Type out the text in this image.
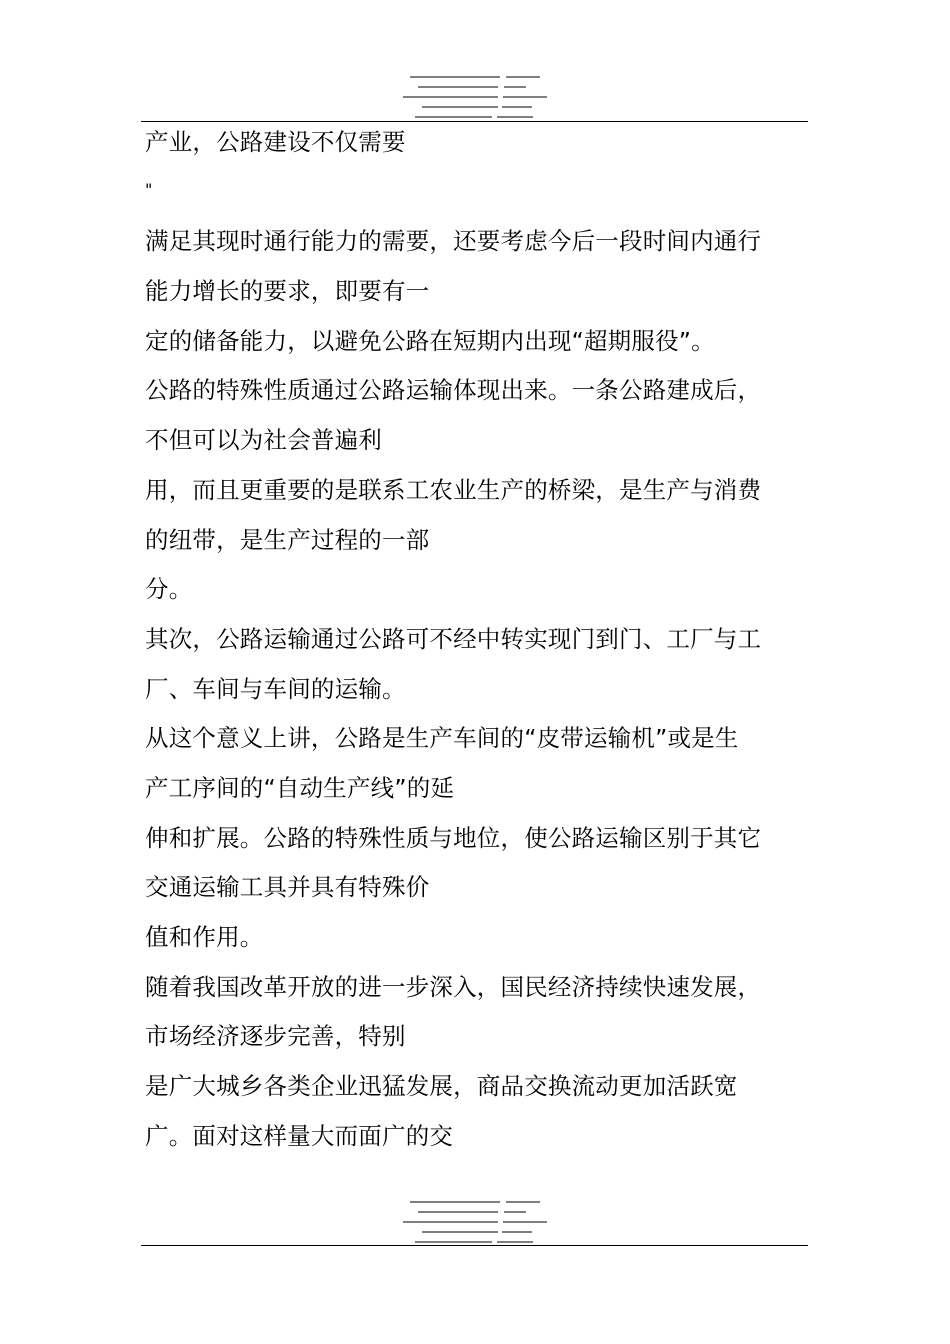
产业，公路建设不仅需要
"
满足其现时通行能力的需要，还要考虑今后一段时间内通行
能力增长的要求，即要有一
定的储备能力，以避免公路在短期内出现“超期服役”。
公路的特殊性质通过公路运输体现出来。一条公路建成后，
不但可以为社会普遍利
用，而且更重要的是联系工农业生产的桥梁，是生产与消费
的纽带，是生产过程的一部
分。
其次，公路运输通过公路可不经中转实现门到门、工厂与工
厂、车间与车间的运输。
从这个意义上讲，公路是生产车间的“皮带运输机”或是生
产工序间的“自动生产线”的延
伸和扩展。公路的特殊性质与地位，使公路运输区别于其它
交通运输工具并具有特殊价
值和作用。
随着我国改革开放的进一步深入，国民经济持续快速发展，
市场经济逐步完善，特别
是广大城乡各类企业迅猛发展，商品交换流动更加活跃宽
广。面对这样量大而面广的交
